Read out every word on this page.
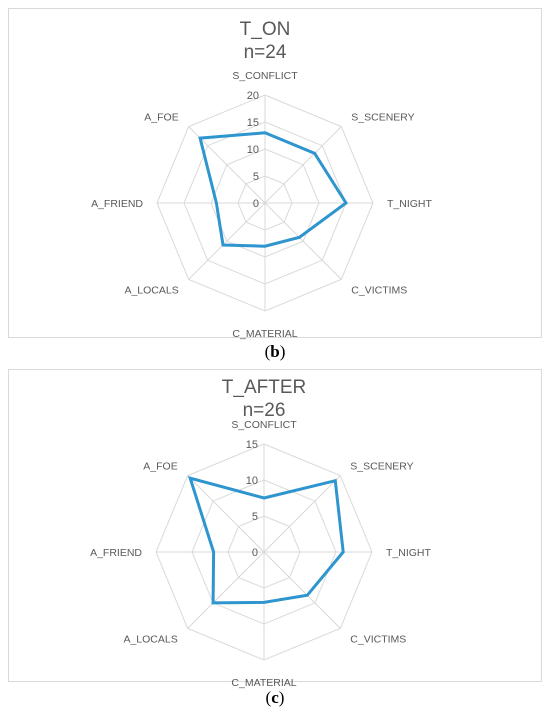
T_ON
n=24
0
5
10
15
20
S_CONFLICT
S_SCENERY
T_NIGHT
C_VICTIMS
C_MATERIAL
A_LOCALS
A_FRIEND
A_FOE
(b)
T_AFTER
n=26
0
5
10
15
S_CONFLICT
S_SCENERY
T_NIGHT
C_VICTIMS
C_MATERIAL
A_LOCALS
A_FRIEND
A_FOE
(c)
